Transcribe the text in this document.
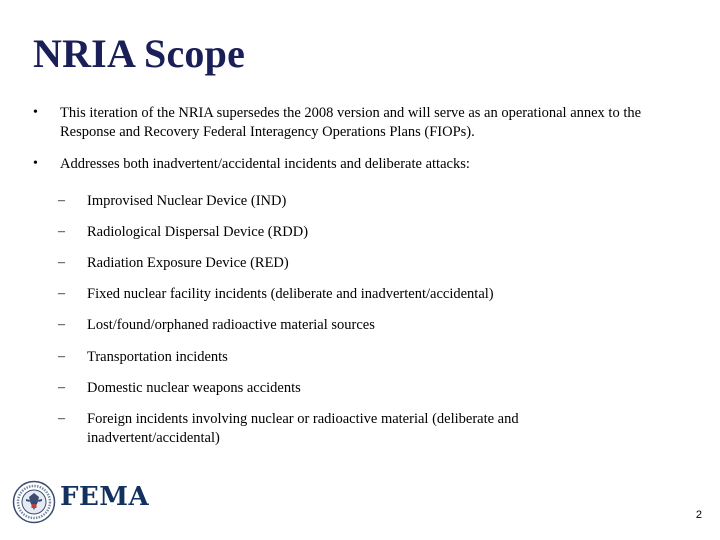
NRIA Scope
• This iteration of the NRIA supersedes the 2008 version and will serve as an operational annex to the Response and Recovery Federal Interagency Operations Plans (FIOPs).
• Addresses both inadvertent/accidental incidents and deliberate attacks:
– Improvised Nuclear Device (IND)
– Radiological Dispersal Device (RDD)
– Radiation Exposure Device (RED)
– Fixed nuclear facility incidents (deliberate and inadvertent/accidental)
– Lost/found/orphaned radioactive material sources
– Transportation incidents
– Domestic nuclear weapons accidents
– Foreign incidents involving nuclear or radioactive material (deliberate and inadvertent/accidental)
FEMA
2
